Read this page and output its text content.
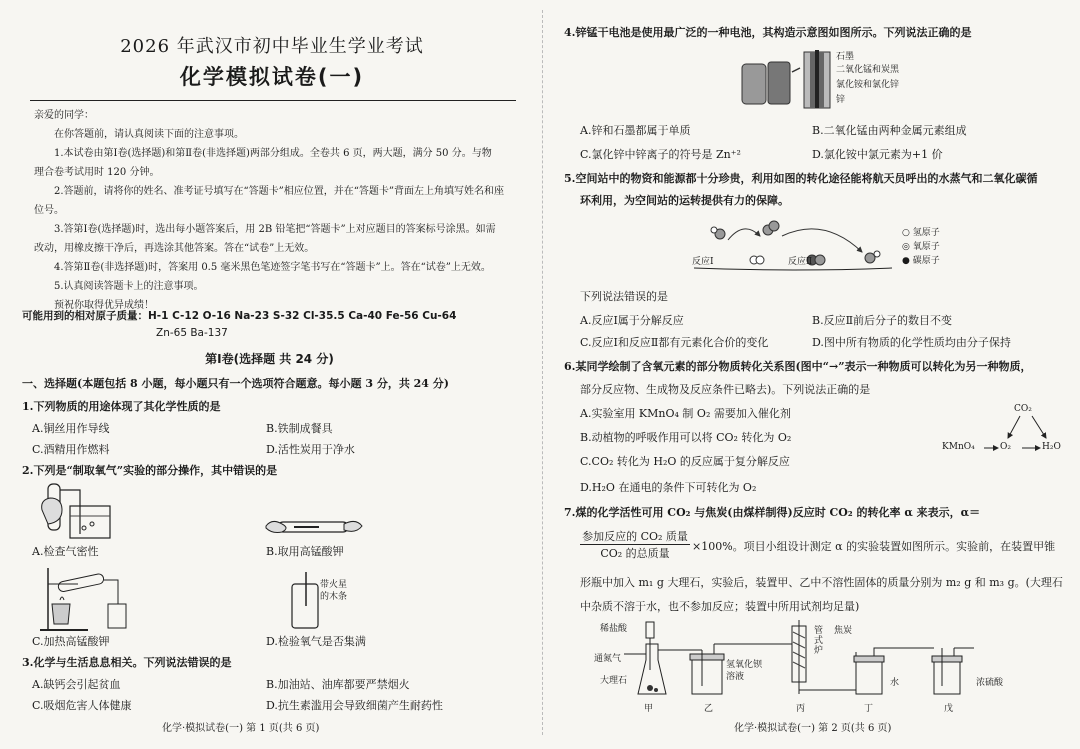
2026 年武汉市初中毕业生学业考试
化学模拟试卷(一)
亲爱的同学：
在你答题前，请认真阅读下面的注意事项。
1.本试卷由第Ⅰ卷(选择题)和第Ⅱ卷(非选择题)两部分组成。全卷共 6 页，两大题，满分 50 分。与物
理合卷考试用时 120 分钟。
2.答题前，请将你的姓名、准考证号填写在“答题卡”相应位置，并在“答题卡”背面左上角填写姓名和座
位号。
3.答第Ⅰ卷(选择题)时，选出每小题答案后，用 2B 铅笔把“答题卡”上对应题目的答案标号涂黑。如需
改动，用橡皮擦干净后，再选涂其他答案。答在“试卷”上无效。
4.答第Ⅱ卷(非选择题)时，答案用 0.5 毫米黑色笔迹签字笔书写在“答题卡”上。答在“试卷”上无效。
5.认真阅读答题卡上的注意事项。
预祝你取得优异成绩！
可能用到的相对原子质量：H-1 C-12 O-16 Na-23 S-32 Cl-35.5 Ca-40 Fe-56 Cu-64
Zn-65 Ba-137
第Ⅰ卷(选择题 共 24 分)
一、选择题(本题包括 8 小题，每小题只有一个选项符合题意。每小题 3 分，共 24 分)
1.下列物质的用途体现了其化学性质的是
A.铜丝用作导线	B.铁制成餐具
C.酒精用作燃料	D.活性炭用于净水
2.下列是“制取氧气”实验的部分操作，其中错误的是
A.检查气密性	B.取用高锰酸钾
带火星
的木条
C.加热高锰酸钾	D.检验氧气是否集满
3.化学与生活息息相关。下列说法错误的是
A.缺钙会引起贫血	B.加油站、油库都要严禁烟火
C.吸烟危害人体健康	D.抗生素滥用会导致细菌产生耐药性
化学·模拟试卷(一) 第 1 页(共 6 页)
4.锌锰干电池是使用最广泛的一种电池，其构造示意图如图所示。下列说法正确的是
石墨
二氧化锰和炭黑
氯化铵和氯化锌
锌
A.锌和石墨都属于单质	B.二氧化锰由两种金属元素组成
C.氯化锌中锌离子的符号是 Zn⁺²	D.氯化铵中氯元素为+1 价
5.空间站中的物资和能源都十分珍贵，利用如图的转化途径能将航天员呼出的水蒸气和二氧化碳循
环利用，为空间站的运转提供有力的保障。
反应Ⅰ	反应Ⅱ
○ 氢原子
◎ 氧原子
● 碳原子
下列说法错误的是
A.反应Ⅰ属于分解反应	B.反应Ⅱ前后分子的数目不变
C.反应Ⅰ和反应Ⅱ都有元素化合价的变化	D.图中所有物质的化学性质均由分子保持
6.某同学绘制了含氧元素的部分物质转化关系图(图中“→”表示一种物质可以转化为另一种物质，
部分反应物、生成物及反应条件已略去)。下列说法正确的是
A.实验室用 KMnO₄ 制 O₂ 需要加入催化剂
B.动植物的呼吸作用可以将 CO₂ 转化为 O₂
C.CO₂ 转化为 H₂O 的反应属于复分解反应
D.H₂O 在通电的条件下可转化为 O₂
CO₂
KMnO₄	O₂	H₂O
7.煤的化学活性可用 CO₂ 与焦炭(由煤样制得)反应时 CO₂ 的转化率 α 来表示，α＝
参加反应的 CO₂ 质量
CO₂ 的总质量
×100%。项目小组设计测定 α 的实验装置如图所示。实验前，在装置甲锥
形瓶中加入 m₁ g 大理石，实验后，装置甲、乙中不溶性固体的质量分别为 m₂ g 和 m₃ g。(大理石
中杂质不溶于水，也不参加反应；装置中所用试剂均足量)
稀盐酸
通氮气
大理石
氢氧化钡
溶液
管式炉
焦炭
水	浓硫酸
甲	乙	丙	丁	戊
化学·模拟试卷(一) 第 2 页(共 6 页)
